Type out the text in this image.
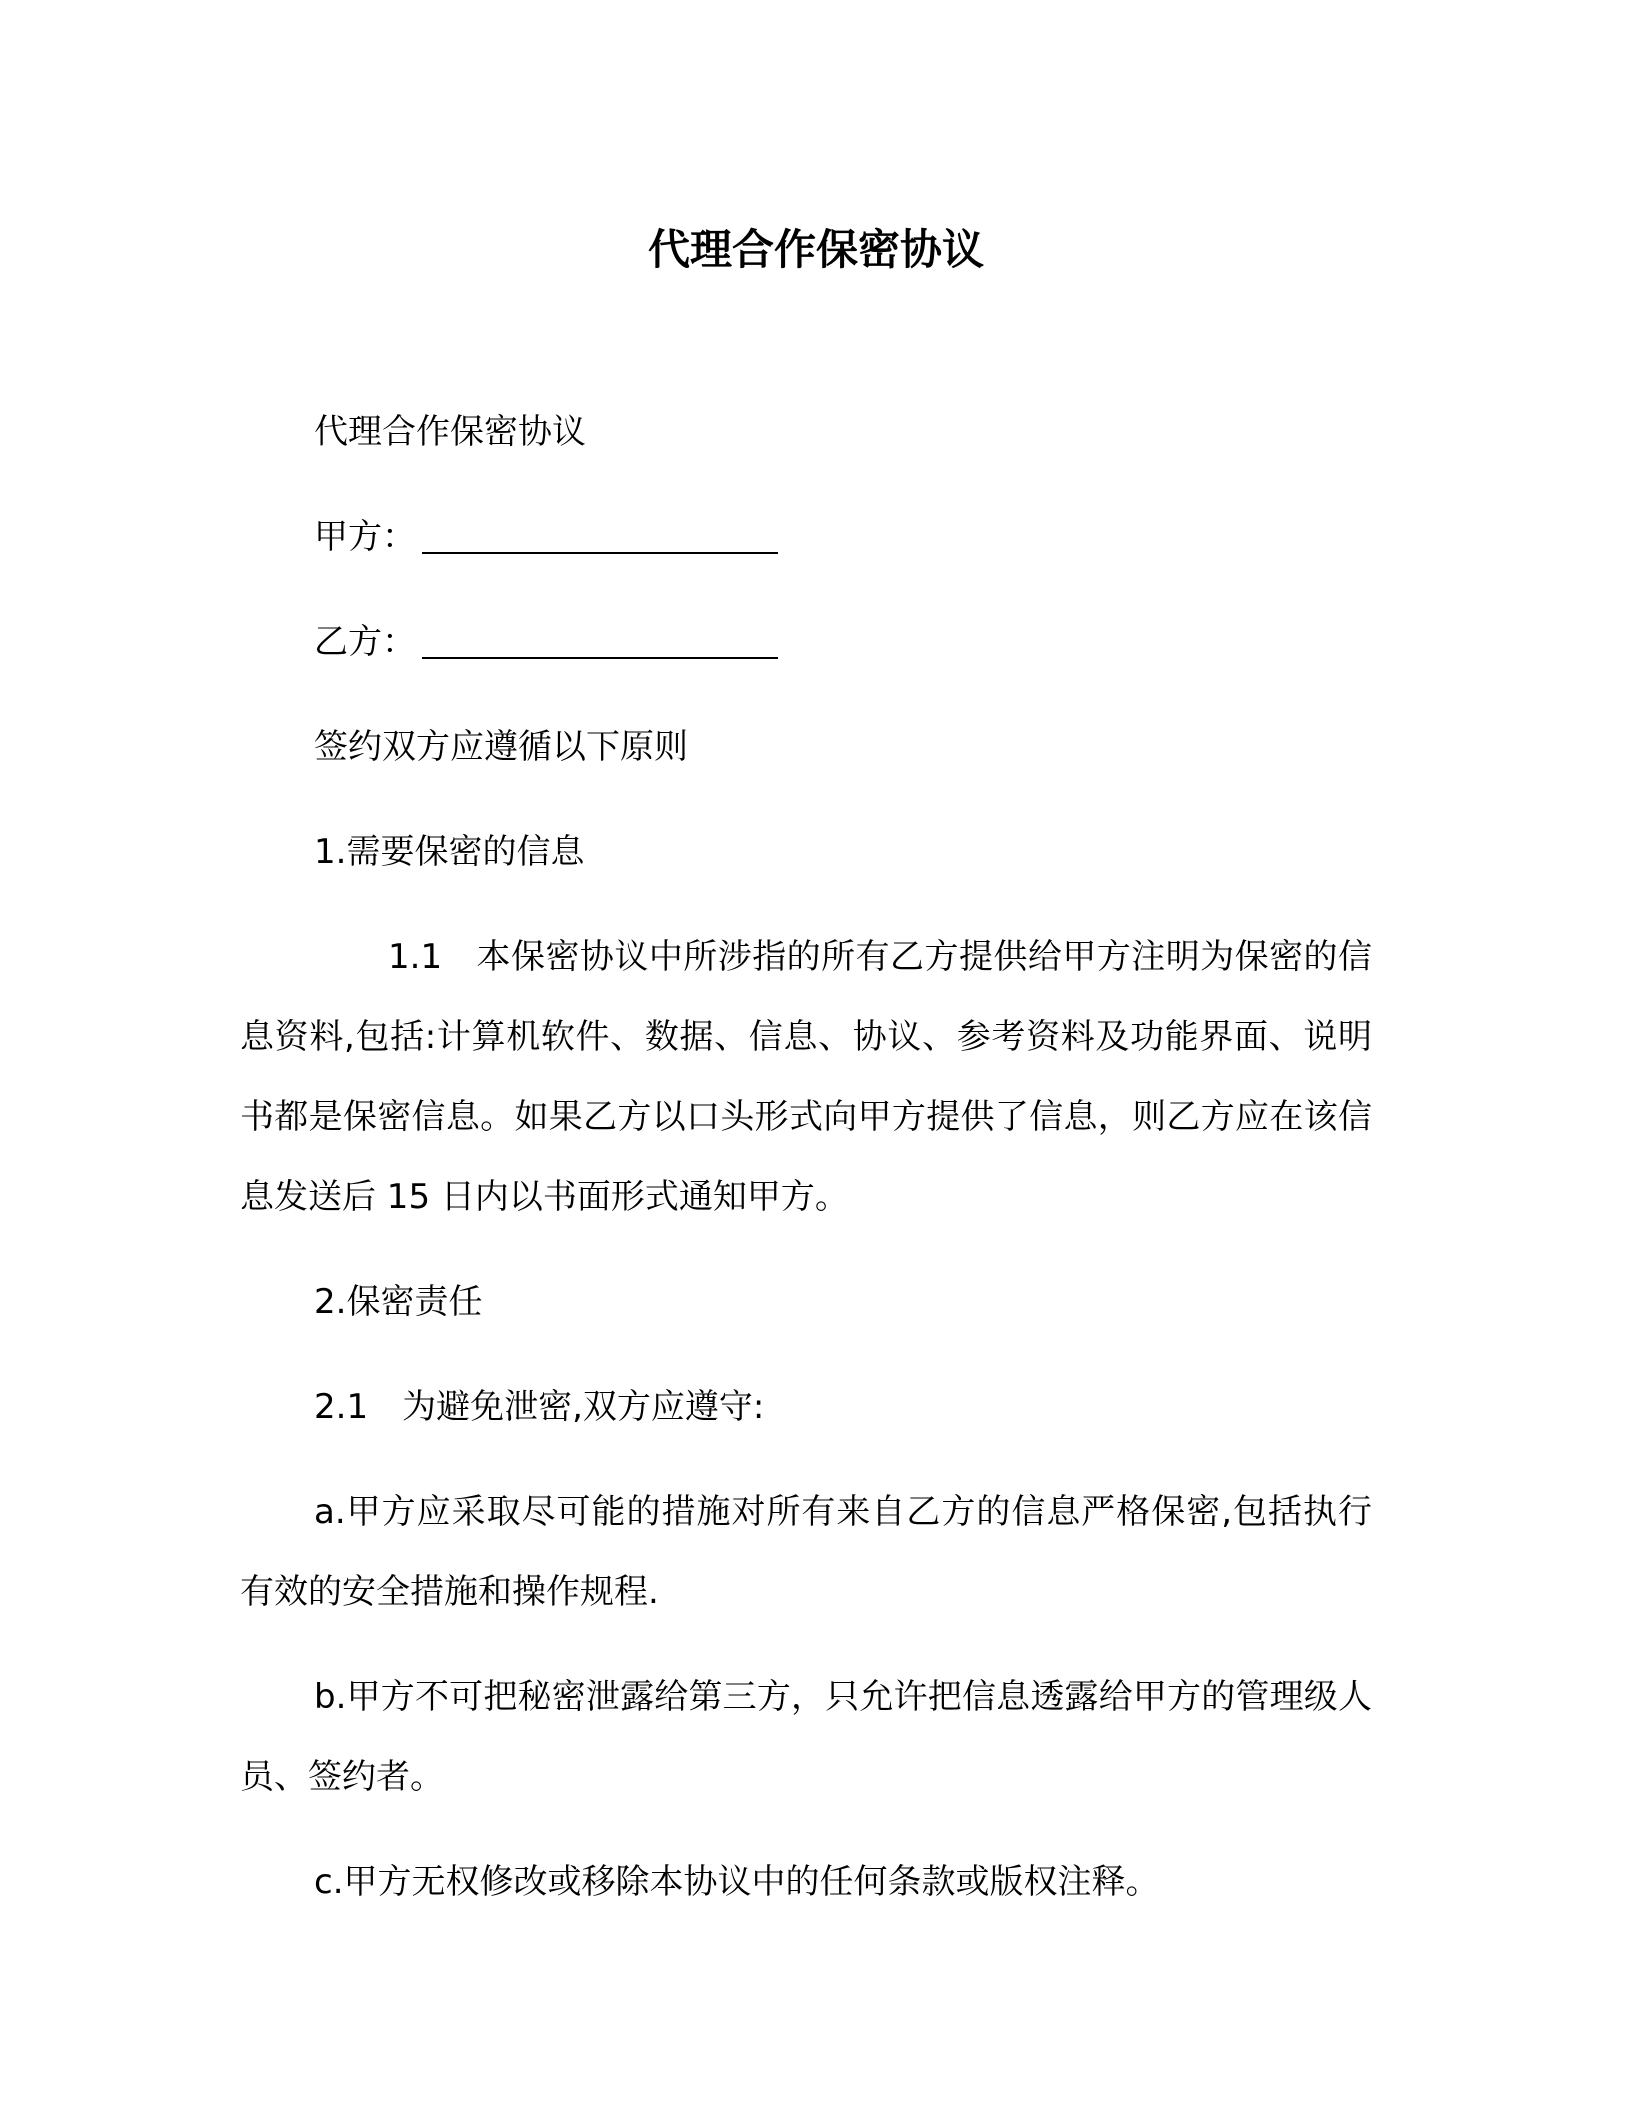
代理合作保密协议

代理合作保密协议

甲方：

乙方：

签约双方应遵循以下原则

1.需要保密的信息

1.1 本保密协议中所涉指的所有乙方提供给甲方注明为保密的信息资料,包括:计算机软件、数据、信息、协议、参考资料及功能界面、说明书都是保密信息。如果乙方以口头形式向甲方提供了信息，则乙方应在该信息发送后 15 日内以书面形式通知甲方。

2.保密责任

2.1 为避免泄密,双方应遵守:

a.甲方应采取尽可能的措施对所有来自乙方的信息严格保密,包括执行有效的安全措施和操作规程.

b.甲方不可把秘密泄露给第三方，只允许把信息透露给甲方的管理级人员、签约者。

c.甲方无权修改或移除本协议中的任何条款或版权注释。
